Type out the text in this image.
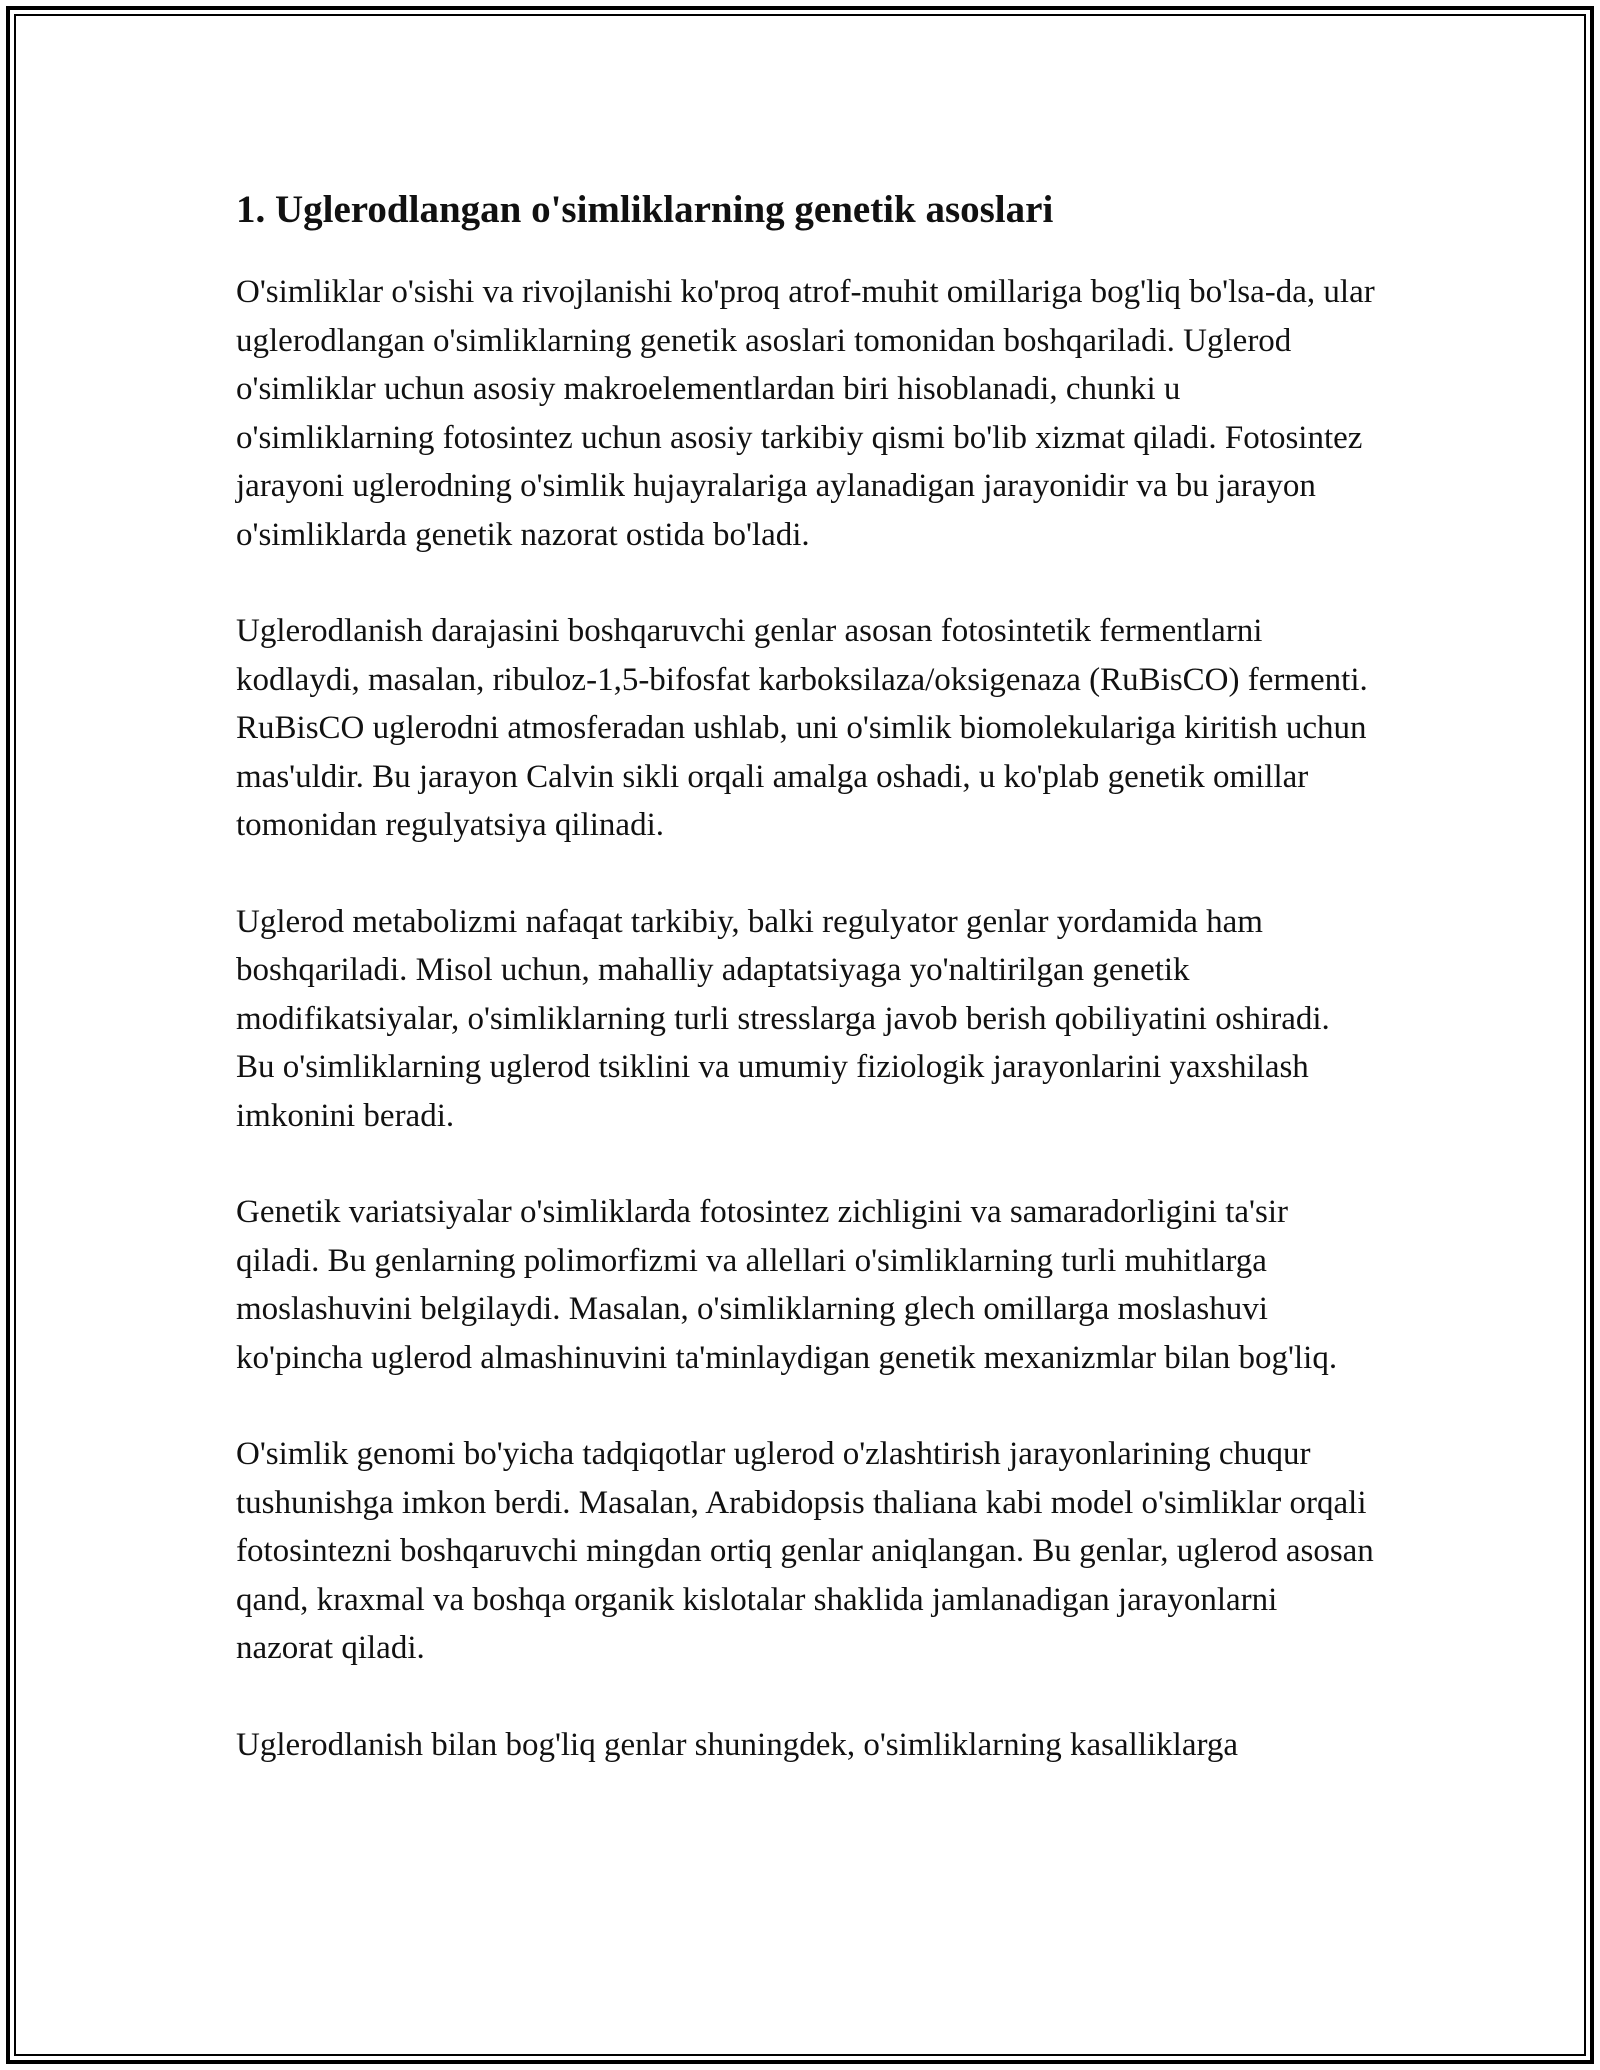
1. Uglerodlangan o'simliklarning genetik asoslari

O'simliklar o'sishi va rivojlanishi ko'proq atrof-muhit omillariga bog'liq bo'lsa-da, ular uglerodlangan o'simliklarning genetik asoslari tomonidan boshqariladi. Uglerod o'simliklar uchun asosiy makroelementlardan biri hisoblanadi, chunki u o'simliklarning fotosintez uchun asosiy tarkibiy qismi bo'lib xizmat qiladi. Fotosintez jarayoni uglerodning o'simlik hujayralariga aylanadigan jarayonidir va bu jarayon o'simliklarda genetik nazorat ostida bo'ladi.

Uglerodlanish darajasini boshqaruvchi genlar asosan fotosintetik fermentlarni kodlaydi, masalan, ribuloz-1,5-bifosfat karboksilaza/oksigenaza (RuBisCO) fermenti. RuBisCO uglerodni atmosferadan ushlab, uni o'simlik biomolekulariga kiritish uchun mas'uldir. Bu jarayon Calvin sikli orqali amalga oshadi, u ko'plab genetik omillar tomonidan regulyatsiya qilinadi.

Uglerod metabolizmi nafaqat tarkibiy, balki regulyator genlar yordamida ham boshqariladi. Misol uchun, mahalliy adaptatsiyaga yo'naltirilgan genetik modifikatsiyalar, o'simliklarning turli stresslarga javob berish qobiliyatini oshiradi. Bu o'simliklarning uglerod tsiklini va umumiy fiziologik jarayonlarini yaxshilash imkonini beradi.

Genetik variatsiyalar o'simliklarda fotosintez zichligini va samaradorligini ta'sir qiladi. Bu genlarning polimorfizmi va allellari o'simliklarning turli muhitlarga moslashuvini belgilaydi. Masalan, o'simliklarning glech omillarga moslashuvi ko'pincha uglerod almashinuvini ta'minlaydigan genetik mexanizmlar bilan bog'liq.

O'simlik genomi bo'yicha tadqiqotlar uglerod o'zlashtirish jarayonlarining chuqur tushunishga imkon berdi. Masalan, Arabidopsis thaliana kabi model o'simliklar orqali fotosintezni boshqaruvchi mingdan ortiq genlar aniqlangan. Bu genlar, uglerod asosan qand, kraxmal va boshqa organik kislotalar shaklida jamlanadigan jarayonlarni nazorat qiladi.

Uglerodlanish bilan bog'liq genlar shuningdek, o'simliklarning kasalliklarga
